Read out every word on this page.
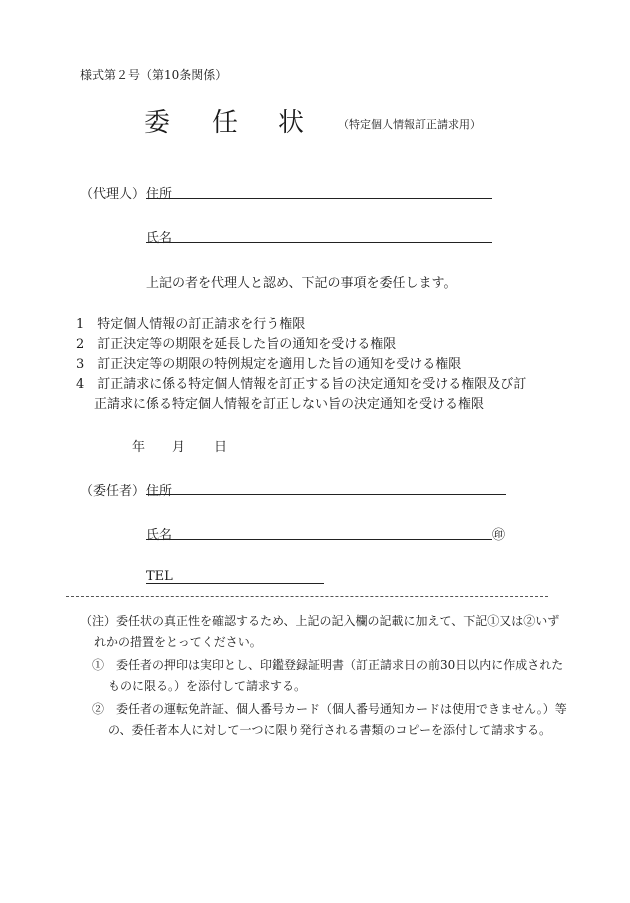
様式第２号（第10条関係）
委 任 状	（特定個人情報訂正請求用）
（代理人） 住所
氏名
上記の者を代理人と認め、下記の事項を委任します。
1　特定個人情報の訂正請求を行う権限
2　訂正決定等の期限を延長した旨の通知を受ける権限
3　訂正決定等の期限の特例規定を適用した旨の通知を受ける権限
4　訂正請求に係る特定個人情報を訂正する旨の決定通知を受ける権限及び訂
正請求に係る特定個人情報を訂正しない旨の決定通知を受ける権限
年 月 日
（委任者） 住所
氏名	㊞
TEL
（注）委任状の真正性を確認するため、上記の記入欄の記載に加えて、下記①又は②いず
れかの措置をとってください。
①　委任者の押印は実印とし、印鑑登録証明書（訂正請求日の前30日以内に作成された
ものに限る。）を添付して請求する。
②　委任者の運転免許証、個人番号カード（個人番号通知カードは使用できません。）等
の、委任者本人に対して一つに限り発行される書類のコピーを添付して請求する。
